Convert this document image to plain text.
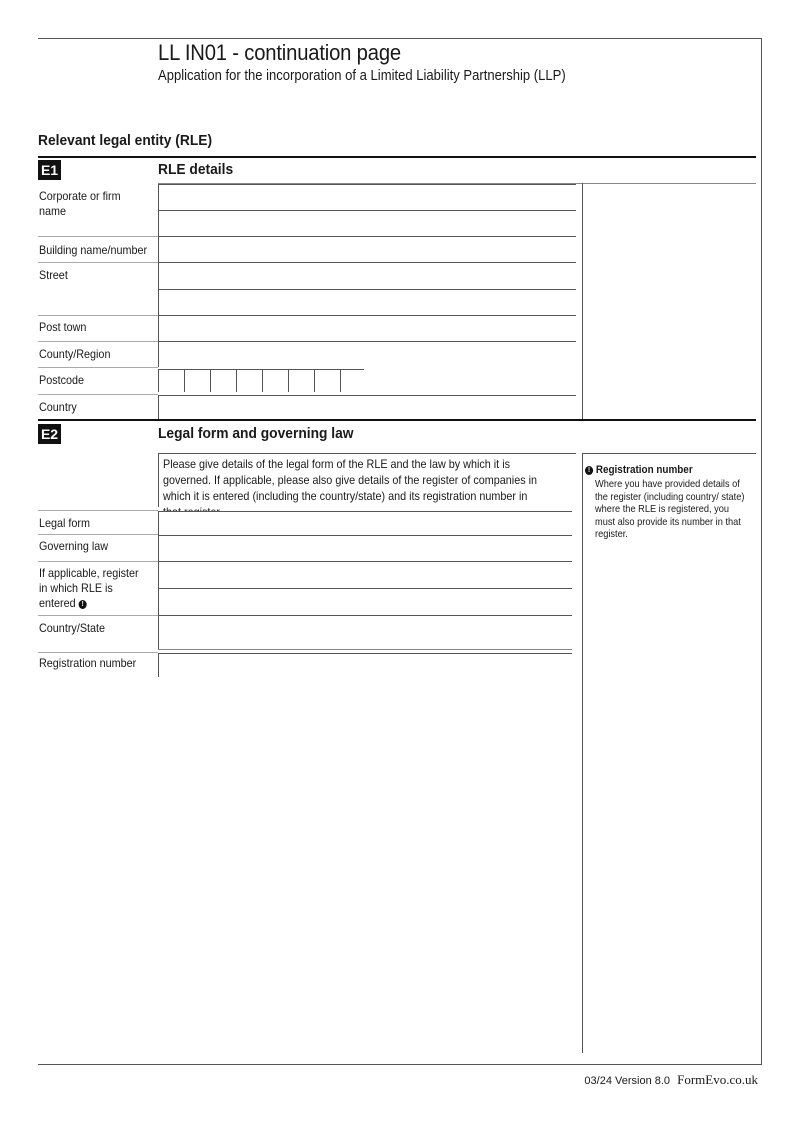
LL IN01 - continuation page
Application for the incorporation of a Limited Liability Partnership (LLP)
Relevant legal entity (RLE)
E1	RLE details
Corporate or firm
name
Building name/number
Street
Post town
County/Region
Postcode
Country
E2	Legal form and governing law
Please give details of the legal form of the RLE and the law by which it is governed. If applicable, please also give details of the register of companies in which it is entered (including the country/state) and its registration number in
! Registration number
Where you have provided details of the register (including country/ state) where the RLE is registered, you must also provide its number in that register.
Legal form
Governing law
If applicable, register
in which RLE is
entered !
Country/State
Registration number
03/24 Version 8.0 FormEvo.co.uk
